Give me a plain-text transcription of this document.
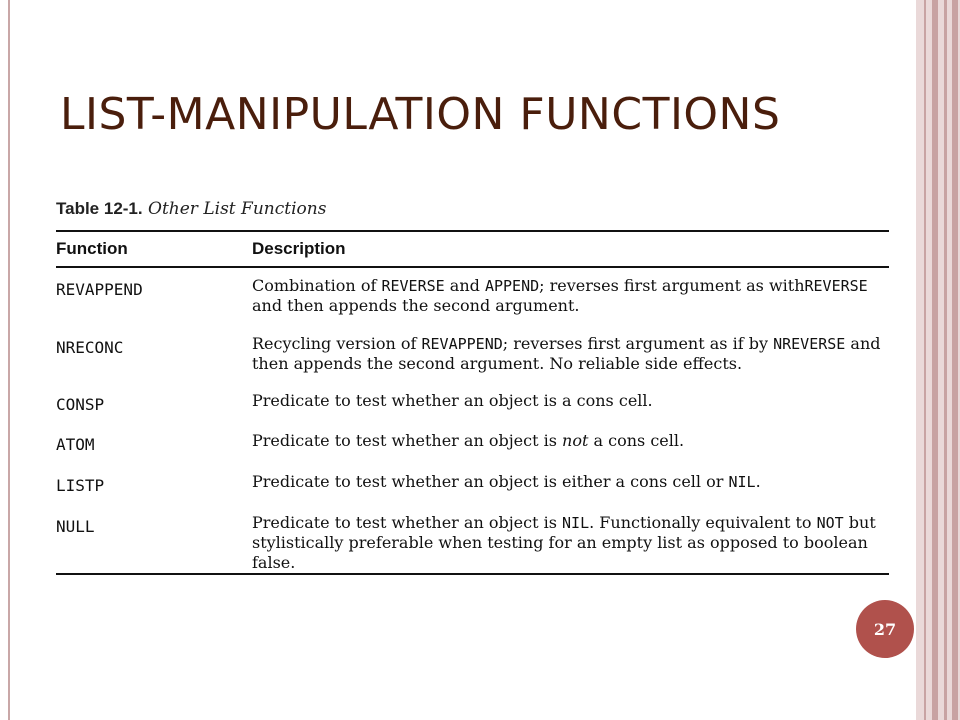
LIST-MANIPULATION FUNCTIONS
Table 12-1. Other List Functions
Function	Description
REVAPPEND	Combination of REVERSE and APPEND; reverses first argument as withREVERSE and then appends the second argument.
NRECONC	Recycling version of REVAPPEND; reverses first argument as if by NREVERSE and then appends the second argument. No reliable side effects.
CONSP	Predicate to test whether an object is a cons cell.
ATOM	Predicate to test whether an object is not a cons cell.
LISTP	Predicate to test whether an object is either a cons cell or NIL.
NULL	Predicate to test whether an object is NIL. Functionally equivalent to NOT but stylistically preferable when testing for an empty list as opposed to boolean false.
27
